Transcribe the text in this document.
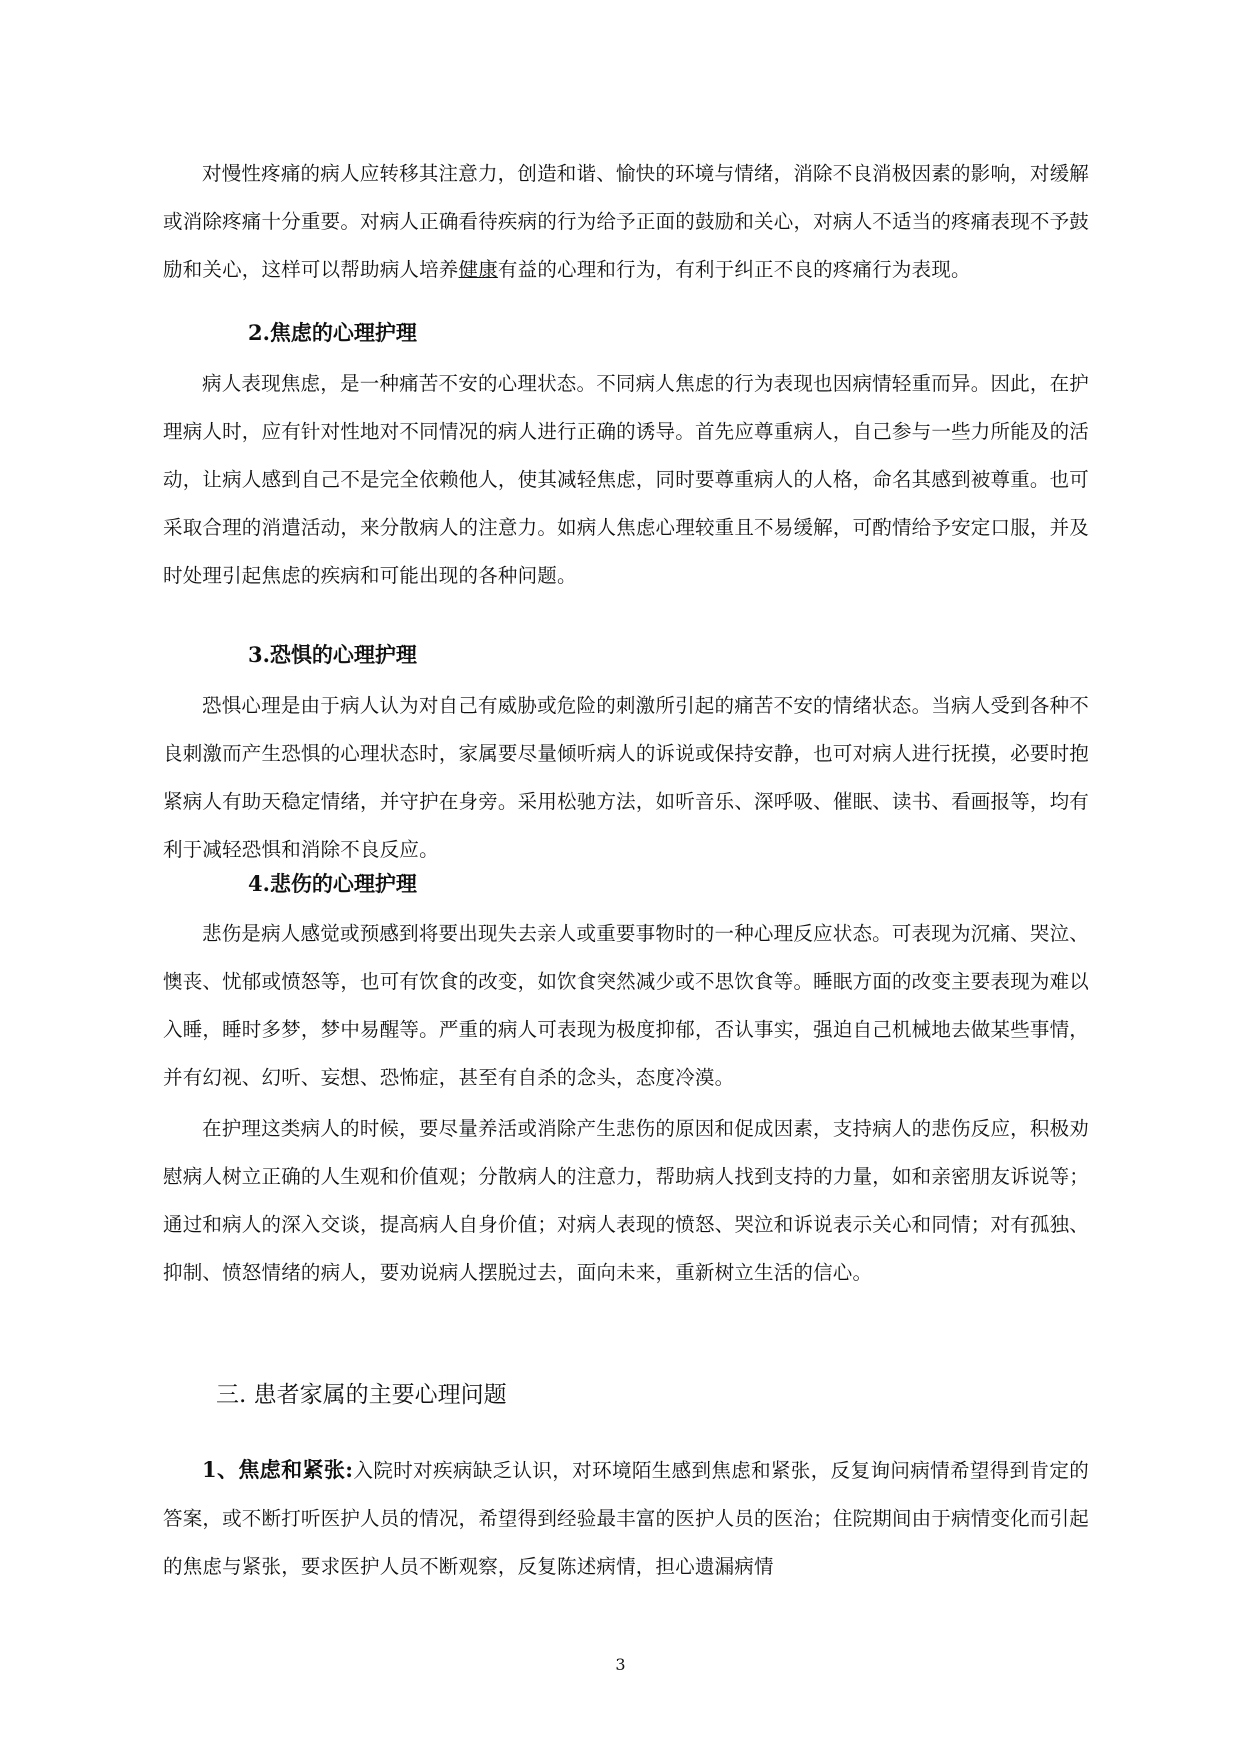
对慢性疼痛的病人应转移其注意力，创造和谐、愉快的环境与情绪，消除不良消极因素的影响，对缓解或消除疼痛十分重要。对病人正确看待疾病的行为给予正面的鼓励和关心，对病人不适当的疼痛表现不予鼓励和关心，这样可以帮助病人培养健康有益的心理和行为，有利于纠正不良的疼痛行为表现。

2.焦虑的心理护理

病人表现焦虑，是一种痛苦不安的心理状态。不同病人焦虑的行为表现也因病情轻重而异。因此，在护理病人时，应有针对性地对不同情况的病人进行正确的诱导。首先应尊重病人，自己参与一些力所能及的活动，让病人感到自己不是完全依赖他人，使其减轻焦虑，同时要尊重病人的人格，命名其感到被尊重。也可采取合理的消遣活动，来分散病人的注意力。如病人焦虑心理较重且不易缓解，可酌情给予安定口服，并及时处理引起焦虑的疾病和可能出现的各种问题。

3.恐惧的心理护理

恐惧心理是由于病人认为对自己有威胁或危险的刺激所引起的痛苦不安的情绪状态。当病人受到各种不良刺激而产生恐惧的心理状态时，家属要尽量倾听病人的诉说或保持安静，也可对病人进行抚摸，必要时抱紧病人有助天稳定情绪，并守护在身旁。采用松驰方法，如听音乐、深呼吸、催眠、读书、看画报等，均有利于减轻恐惧和消除不良反应。

4.悲伤的心理护理

悲伤是病人感觉或预感到将要出现失去亲人或重要事物时的一种心理反应状态。可表现为沉痛、哭泣、懊丧、忧郁或愤怒等，也可有饮食的改变，如饮食突然减少或不思饮食等。睡眠方面的改变主要表现为难以入睡，睡时多梦，梦中易醒等。严重的病人可表现为极度抑郁，否认事实，强迫自己机械地去做某些事情，并有幻视、幻听、妄想、恐怖症，甚至有自杀的念头，态度冷漠。

在护理这类病人的时候，要尽量养活或消除产生悲伤的原因和促成因素，支持病人的悲伤反应，积极劝慰病人树立正确的人生观和价值观；分散病人的注意力，帮助病人找到支持的力量，如和亲密朋友诉说等；通过和病人的深入交谈，提高病人自身价值；对病人表现的愤怒、哭泣和诉说表示关心和同情；对有孤独、抑制、愤怒情绪的病人，要劝说病人摆脱过去，面向未来，重新树立生活的信心。

三. 患者家属的主要心理问题

1、焦虑和紧张:入院时对疾病缺乏认识，对环境陌生感到焦虑和紧张，反复询问病情希望得到肯定的答案，或不断打听医护人员的情况，希望得到经验最丰富的医护人员的医治；住院期间由于病情变化而引起的焦虑与紧张，要求医护人员不断观察，反复陈述病情，担心遗漏病情

3
